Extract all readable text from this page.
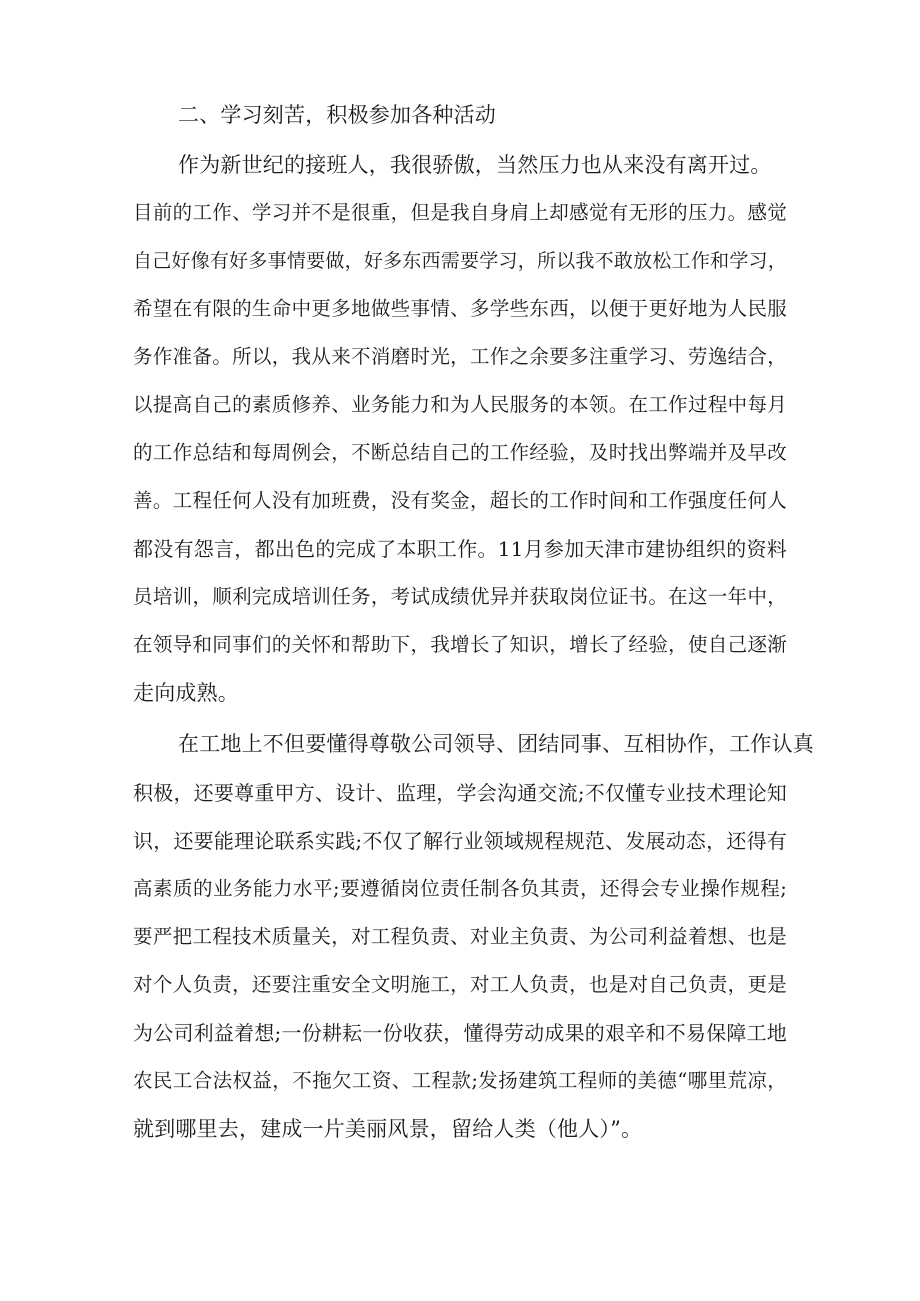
二、学习刻苦，积极参加各种活动
作为新世纪的接班人，我很骄傲，当然压力也从来没有离开过。
目前的工作、学习并不是很重，但是我自身肩上却感觉有无形的压力。感觉
自己好像有好多事情要做，好多东西需要学习，所以我不敢放松工作和学习，
希望在有限的生命中更多地做些事情、多学些东西，以便于更好地为人民服
务作准备。所以，我从来不消磨时光，工作之余要多注重学习、劳逸结合，
以提高自己的素质修养、业务能力和为人民服务的本领。在工作过程中每月
的工作总结和每周例会，不断总结自己的工作经验，及时找出弊端并及早改
善。工程任何人没有加班费，没有奖金，超长的工作时间和工作强度任何人
都没有怨言，都出色的完成了本职工作。11月参加天津市建协组织的资料
员培训，顺利完成培训任务，考试成绩优异并获取岗位证书。在这一年中，
在领导和同事们的关怀和帮助下，我增长了知识，增长了经验，使自己逐渐
走向成熟。
在工地上不但要懂得尊敬公司领导、团结同事、互相协作，工作认真
积极，还要尊重甲方、设计、监理，学会沟通交流;不仅懂专业技术理论知
识，还要能理论联系实践;不仅了解行业领域规程规范、发展动态，还得有
高素质的业务能力水平;要遵循岗位责任制各负其责，还得会专业操作规程;
要严把工程技术质量关，对工程负责、对业主负责、为公司利益着想、也是
对个人负责，还要注重安全文明施工，对工人负责，也是对自己负责，更是
为公司利益着想;一份耕耘一份收获，懂得劳动成果的艰辛和不易保障工地
农民工合法权益，不拖欠工资、工程款;发扬建筑工程师的美德“哪里荒凉，
就到哪里去，建成一片美丽风景，留给人类（他人）”。
